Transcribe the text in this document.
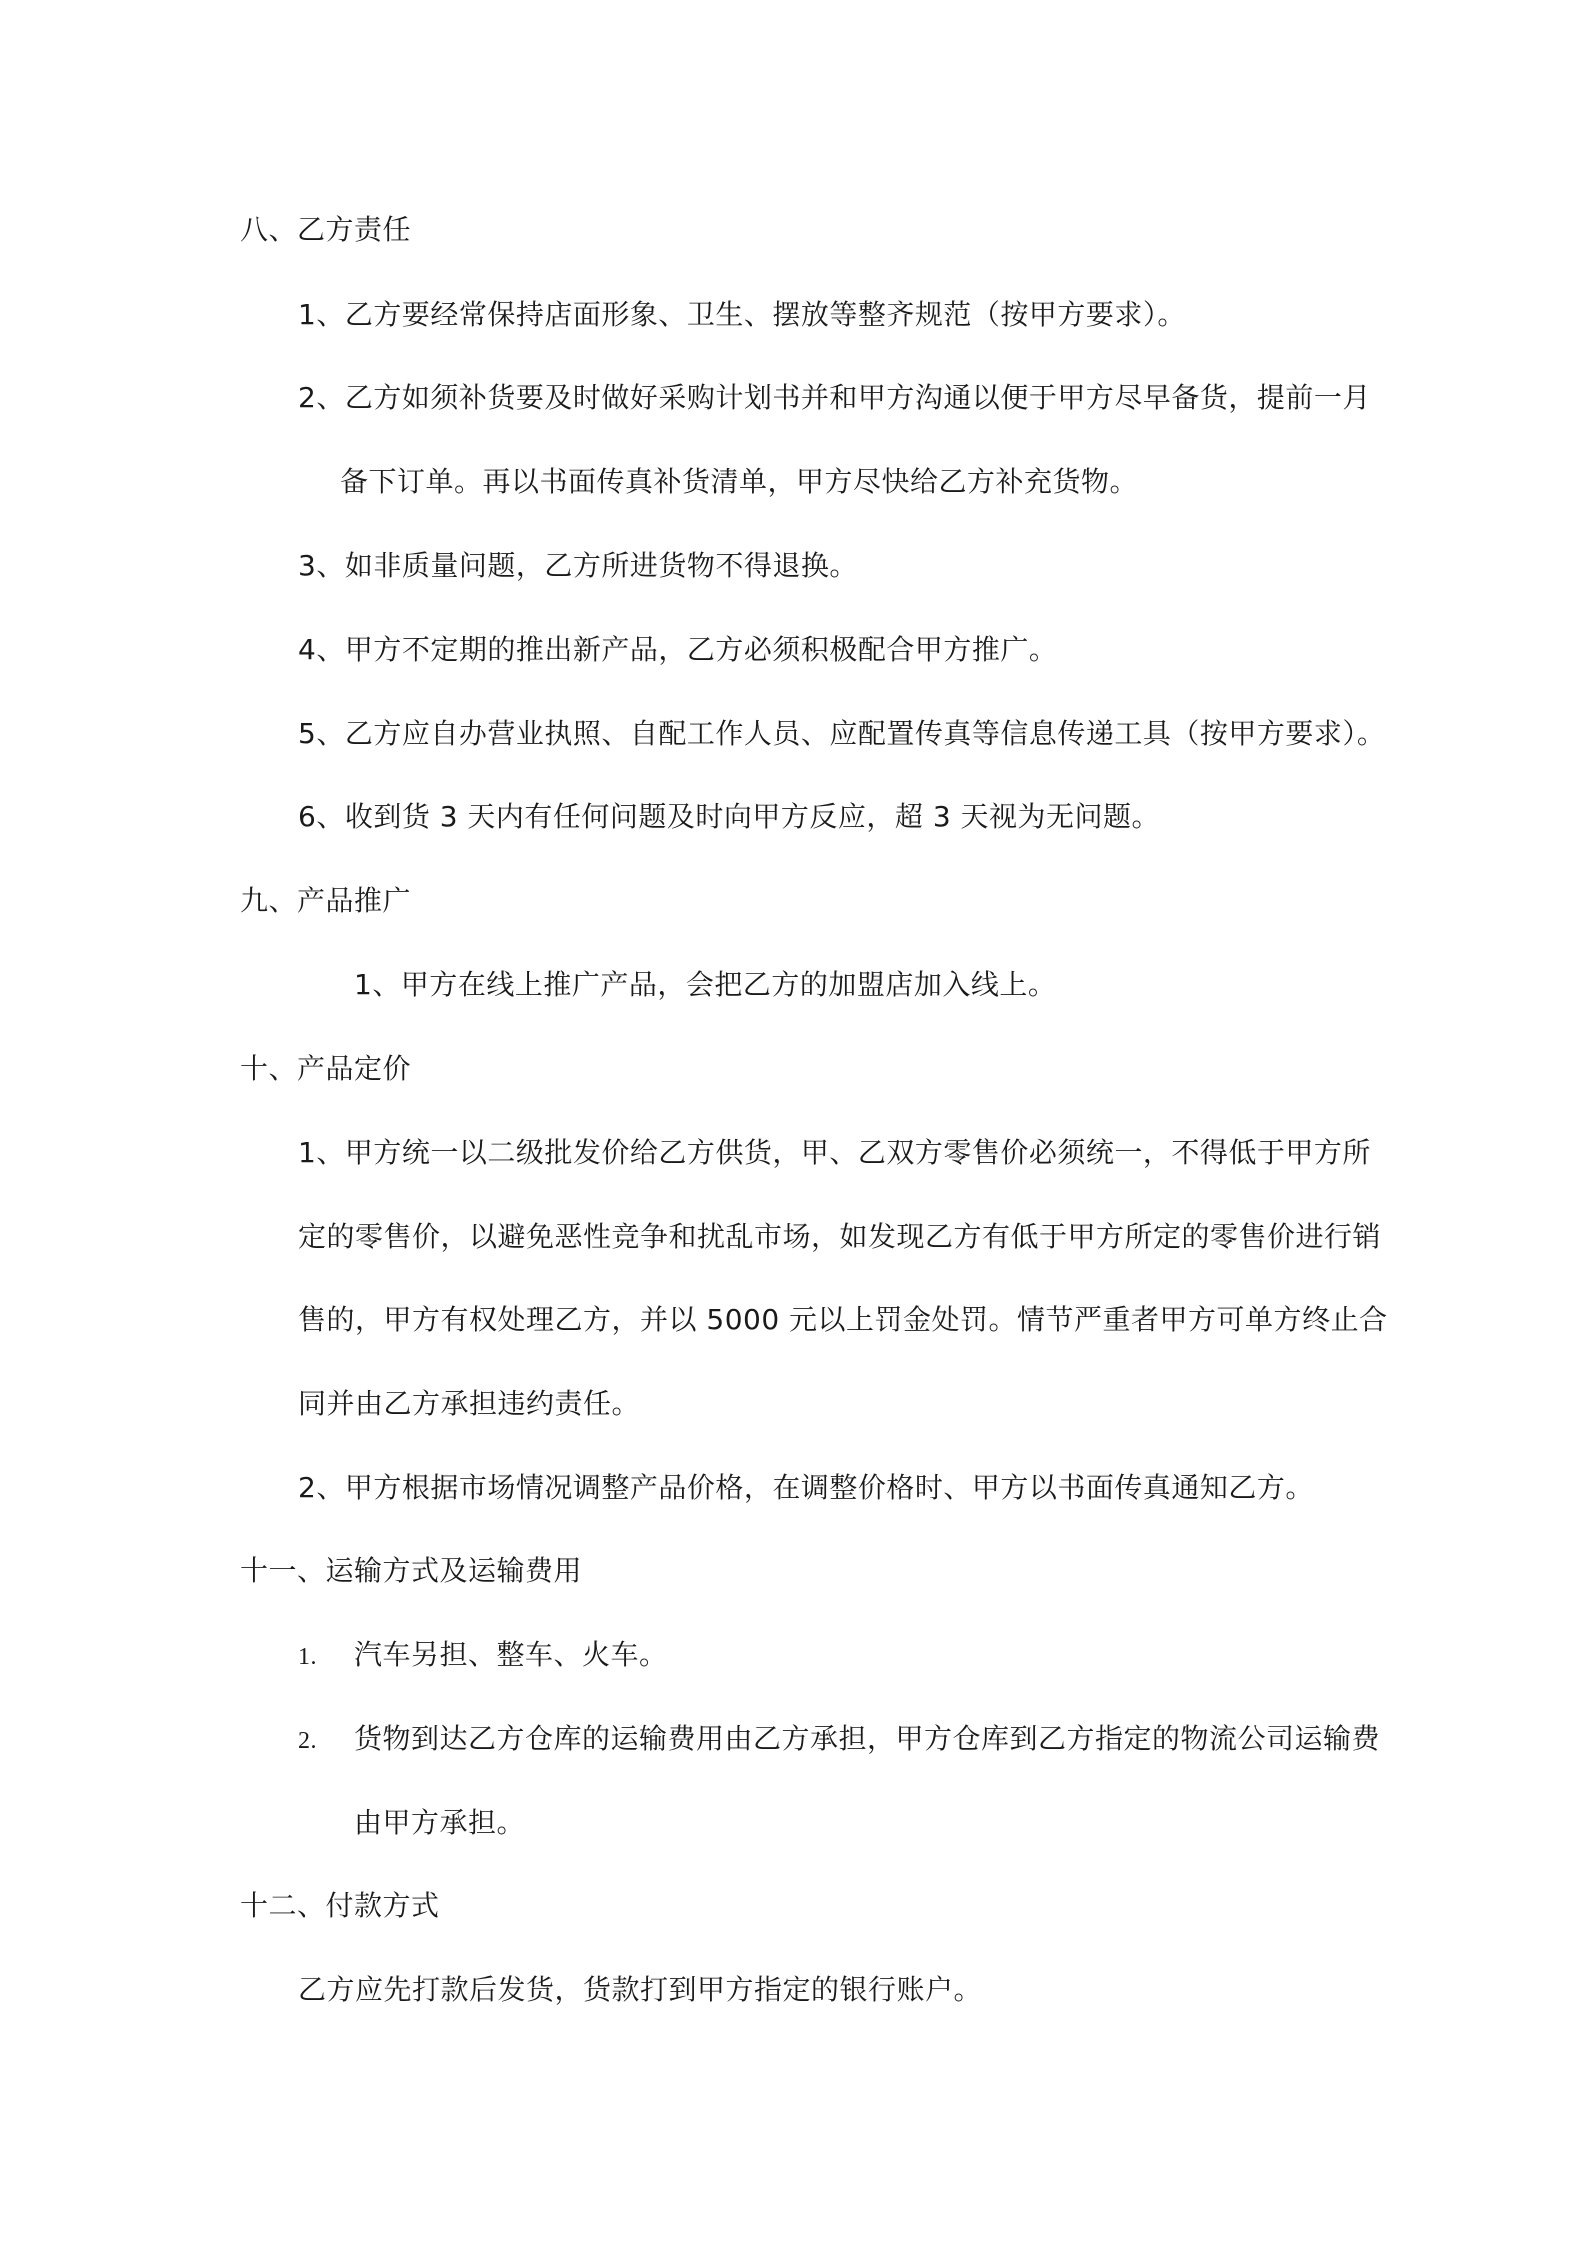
八、乙方责任
1、乙方要经常保持店面形象、卫生、摆放等整齐规范（按甲方要求）。
2、乙方如须补货要及时做好采购计划书并和甲方沟通以便于甲方尽早备货，提前一月
备下订单。再以书面传真补货清单，甲方尽快给乙方补充货物。
3、如非质量问题，乙方所进货物不得退换。
4、甲方不定期的推出新产品，乙方必须积极配合甲方推广。
5、乙方应自办营业执照、自配工作人员、应配置传真等信息传递工具（按甲方要求）。
6、收到货 3 天内有任何问题及时向甲方反应，超 3 天视为无问题。
九、产品推广
1、甲方在线上推广产品，会把乙方的加盟店加入线上。
十、产品定价
1、甲方统一以二级批发价给乙方供货，甲、乙双方零售价必须统一，不得低于甲方所
定的零售价，以避免恶性竞争和扰乱市场，如发现乙方有低于甲方所定的零售价进行销
售的，甲方有权处理乙方，并以 5000 元以上罚金处罚。情节严重者甲方可单方终止合
同并由乙方承担违约责任。
2、甲方根据市场情况调整产品价格，在调整价格时、甲方以书面传真通知乙方。
十一、运输方式及运输费用
1. 汽车另担、整车、火车。
2. 货物到达乙方仓库的运输费用由乙方承担，甲方仓库到乙方指定的物流公司运输费
由甲方承担。
十二、付款方式
乙方应先打款后发货，货款打到甲方指定的银行账户。
